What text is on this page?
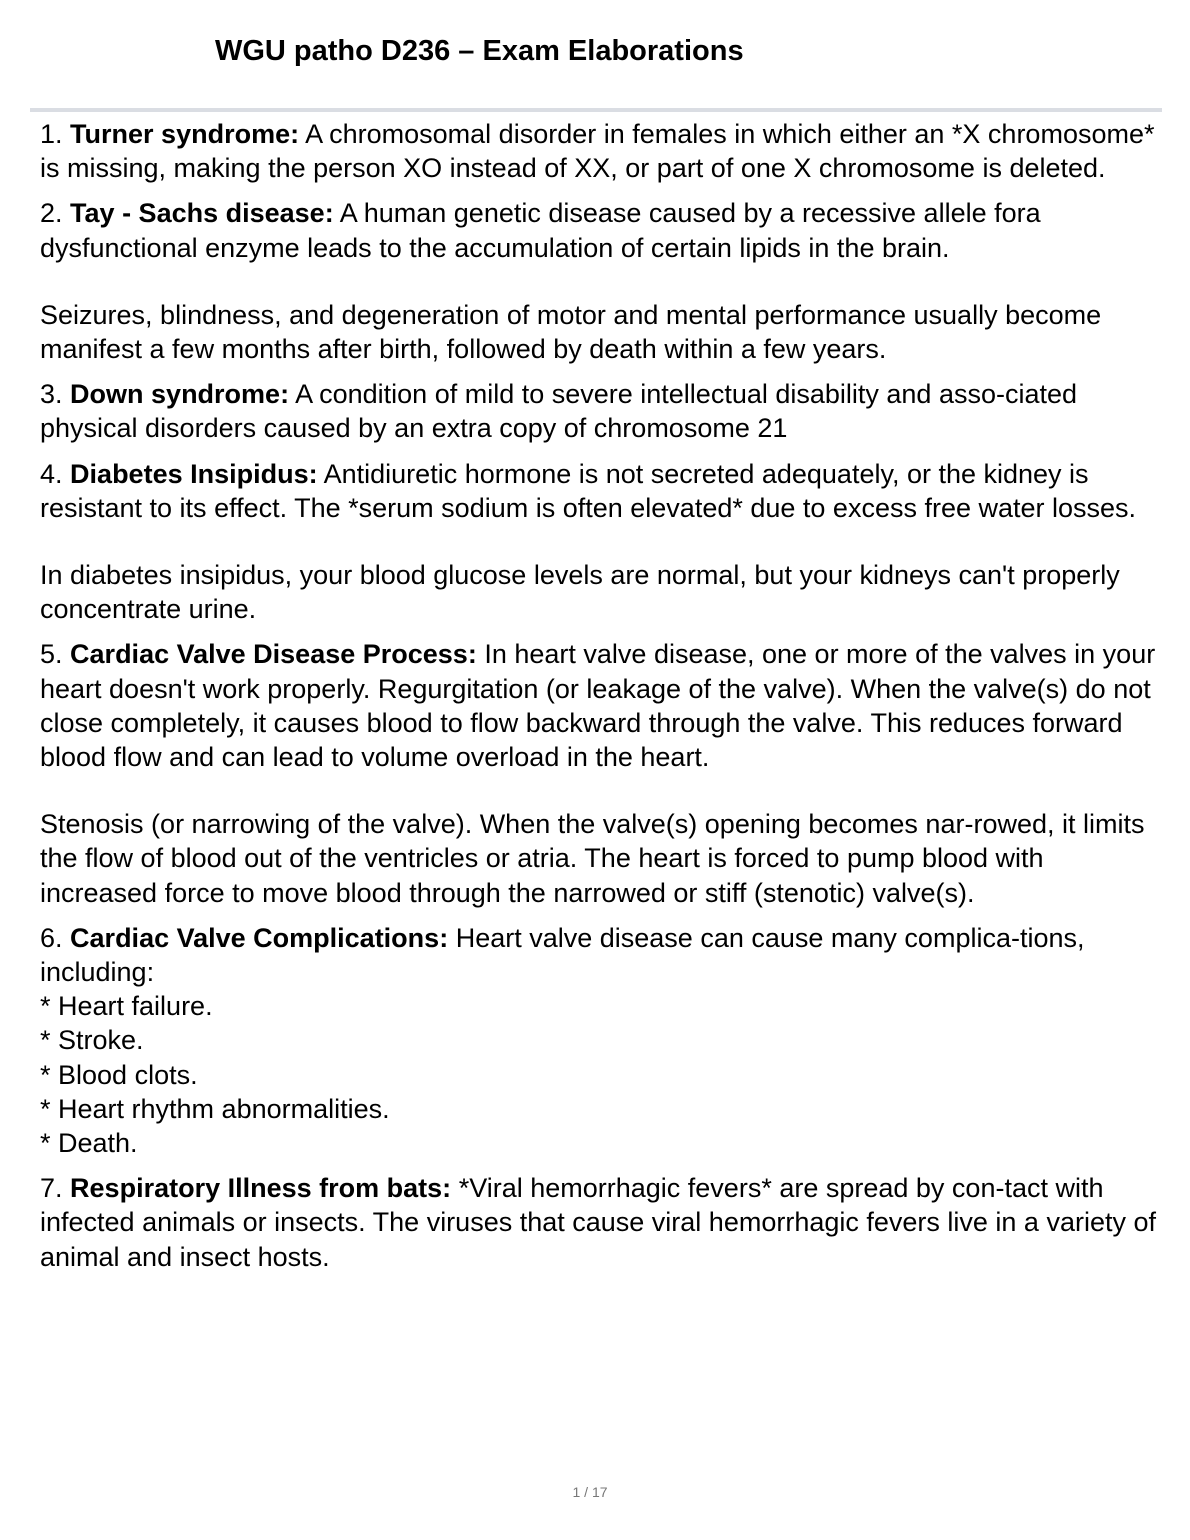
WGU patho D236 – Exam Elaborations

1. Turner syndrome: A chromosomal disorder in females in which either an *X chromosome* is missing, making the person XO instead of XX, or part of one X chromosome is deleted.

2. Tay - Sachs disease: A human genetic disease caused by a recessive allele fora dysfunctional enzyme leads to the accumulation of certain lipids in the brain.

Seizures, blindness, and degeneration of motor and mental performance usually become manifest a few months after birth, followed by death within a few years.

3. Down syndrome: A condition of mild to severe intellectual disability and asso-ciated physical disorders caused by an extra copy of chromosome 21

4. Diabetes Insipidus: Antidiuretic hormone is not secreted adequately, or the kidney is resistant to its effect. The *serum sodium is often elevated* due to excess free water losses.

In diabetes insipidus, your blood glucose levels are normal, but your kidneys can't properly concentrate urine.

5. Cardiac Valve Disease Process: In heart valve disease, one or more of the valves in your heart doesn't work properly. Regurgitation (or leakage of the valve). When the valve(s) do not close completely, it causes blood to flow backward through the valve. This reduces forward blood flow and can lead to volume overload in the heart.

Stenosis (or narrowing of the valve). When the valve(s) opening becomes nar-rowed, it limits the flow of blood out of the ventricles or atria. The heart is forced to pump blood with increased force to move blood through the narrowed or stiff (stenotic) valve(s).

6. Cardiac Valve Complications: Heart valve disease can cause many complica-tions, including:

* Heart failure.
* Stroke.
* Blood clots.
* Heart rhythm abnormalities.
* Death.

7. Respiratory Illness from bats: *Viral hemorrhagic fevers* are spread by con-tact with infected animals or insects. The viruses that cause viral hemorrhagic fevers live in a variety of animal and insect hosts.

1 / 17
